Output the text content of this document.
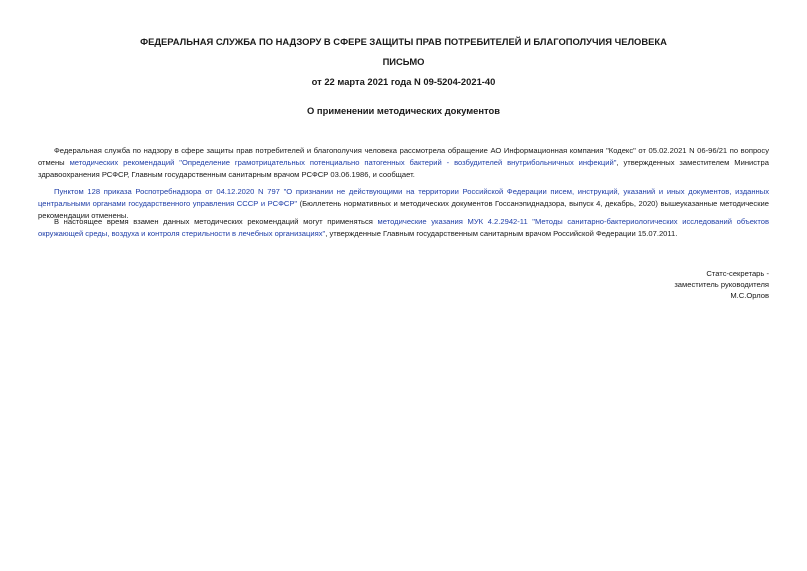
ФЕДЕРАЛЬНАЯ СЛУЖБА ПО НАДЗОРУ В СФЕРЕ ЗАЩИТЫ ПРАВ ПОТРЕБИТЕЛЕЙ И БЛАГОПОЛУЧИЯ ЧЕЛОВЕКА
ПИСЬМО
от 22 марта 2021 года N 09-5204-2021-40
О применении методических документов
Федеральная служба по надзору в сфере защиты прав потребителей и благополучия человека рассмотрела обращение АО Информационная компания "Кодекс" от 05.02.2021 N 06-96/21 по вопросу отмены методических рекомендаций "Определение грамотрицательных потенциально патогенных бактерий - возбудителей внутрибольничных инфекций", утвержденных заместителем Министра здравоохранения РСФСР, Главным государственным санитарным врачом РСФСР 03.06.1986, и сообщает.
Пунктом 128 приказа Роспотребнадзора от 04.12.2020 N 797 "О признании не действующими на территории Российской Федерации писем, инструкций, указаний и иных документов, изданных центральными органами государственного управления СССР и РСФСР" (Бюллетень нормативных и методических документов Госсанэпиднадзора, выпуск 4, декабрь, 2020) вышеуказанные методические рекомендации отменены.
В настоящее время взамен данных методических рекомендаций могут применяться методические указания МУК 4.2.2942-11 "Методы санитарно-бактериологических исследований объектов окружающей среды, воздуха и контроля стерильности в лечебных организациях", утвержденные Главным государственным санитарным врачом Российской Федерации 15.07.2011.
Статс-секретарь -
заместитель руководителя
М.С.Орлов
